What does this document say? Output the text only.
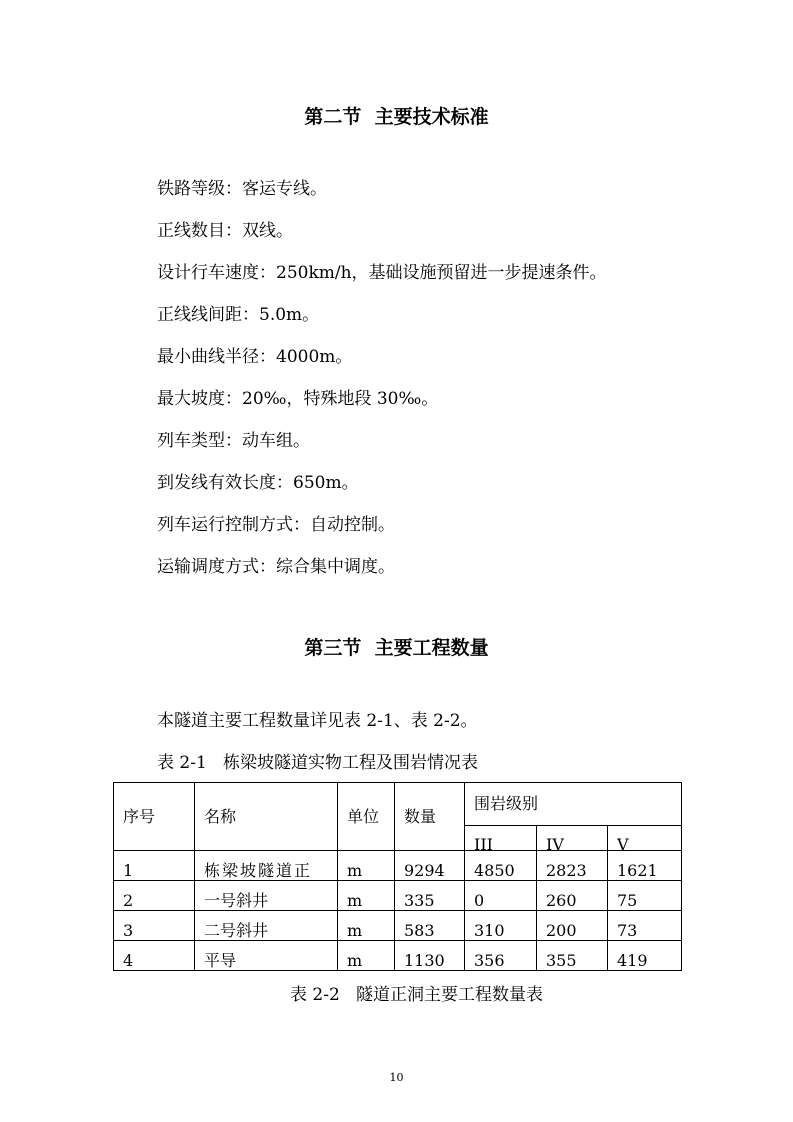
第二节  主要技术标准
铁路等级：客运专线。
正线数目：双线。
设计行车速度：250km/h，基础设施预留进一步提速条件。
正线线间距：5.0m。
最小曲线半径：4000m。
最大坡度：20‰，特殊地段 30‰。
列车类型：动车组。
到发线有效长度：650m。
列车运行控制方式：自动控制。
运输调度方式：综合集中调度。
第三节  主要工程数量
本隧道主要工程数量详见表 2-1、表 2-2。
表 2-1   栋梁坡隧道实物工程及围岩情况表
序号	名称	单位	数量	围岩级别		

				III	IV	V

1	栋梁坡隧道正	m	9294	4850	2823	1621
2	一号斜井	m	335	0	260	75
3	二号斜井	m	583	310	200	73
4	平导	m	1130	356	355	419
表 2-2   隧道正洞主要工程数量表
10
